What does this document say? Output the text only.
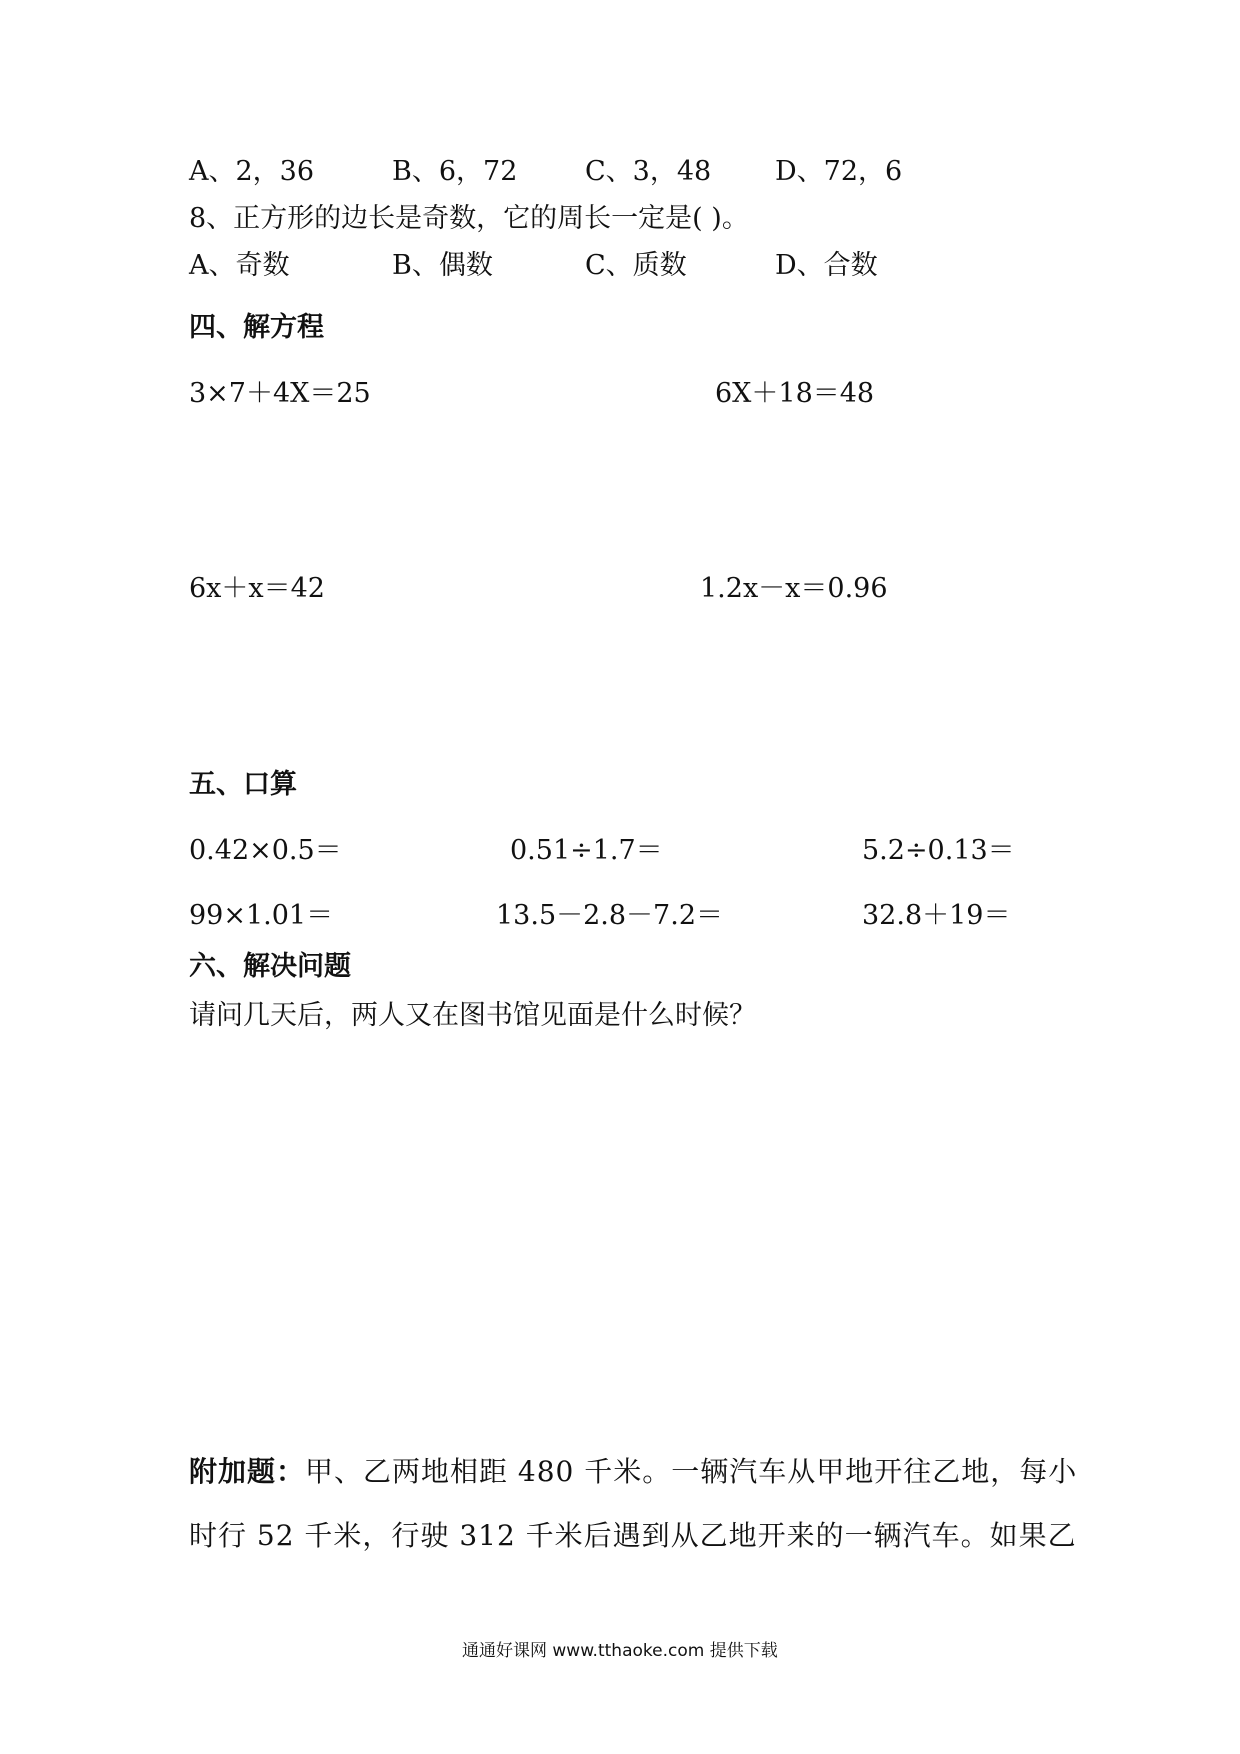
A、2，36	B、6，72	C、3，48 D、72，6
8、正方形的边长是奇数，它的周长一定是( )。
A、奇数	B、偶数	C、质数	D、合数
四、解方程
3×7＋4X＝25	6X＋18＝48
6x＋x＝42	1.2x－x＝0.96
五、口算
0.42×0.5＝	0.51÷1.7＝	5.2÷0.13＝
99×1.01＝	13.5－2.8－7.2＝	32.8＋19＝
六、解决问题
请问几天后，两人又在图书馆见面是什么时候？
附加题：甲、乙两地相距 480 千米。一辆汽车从甲地开往乙地，每小
时行 52 千米，行驶 312 千米后遇到从乙地开来的一辆汽车。如果乙
通通好课网 www.tthaoke.com 提供下载
